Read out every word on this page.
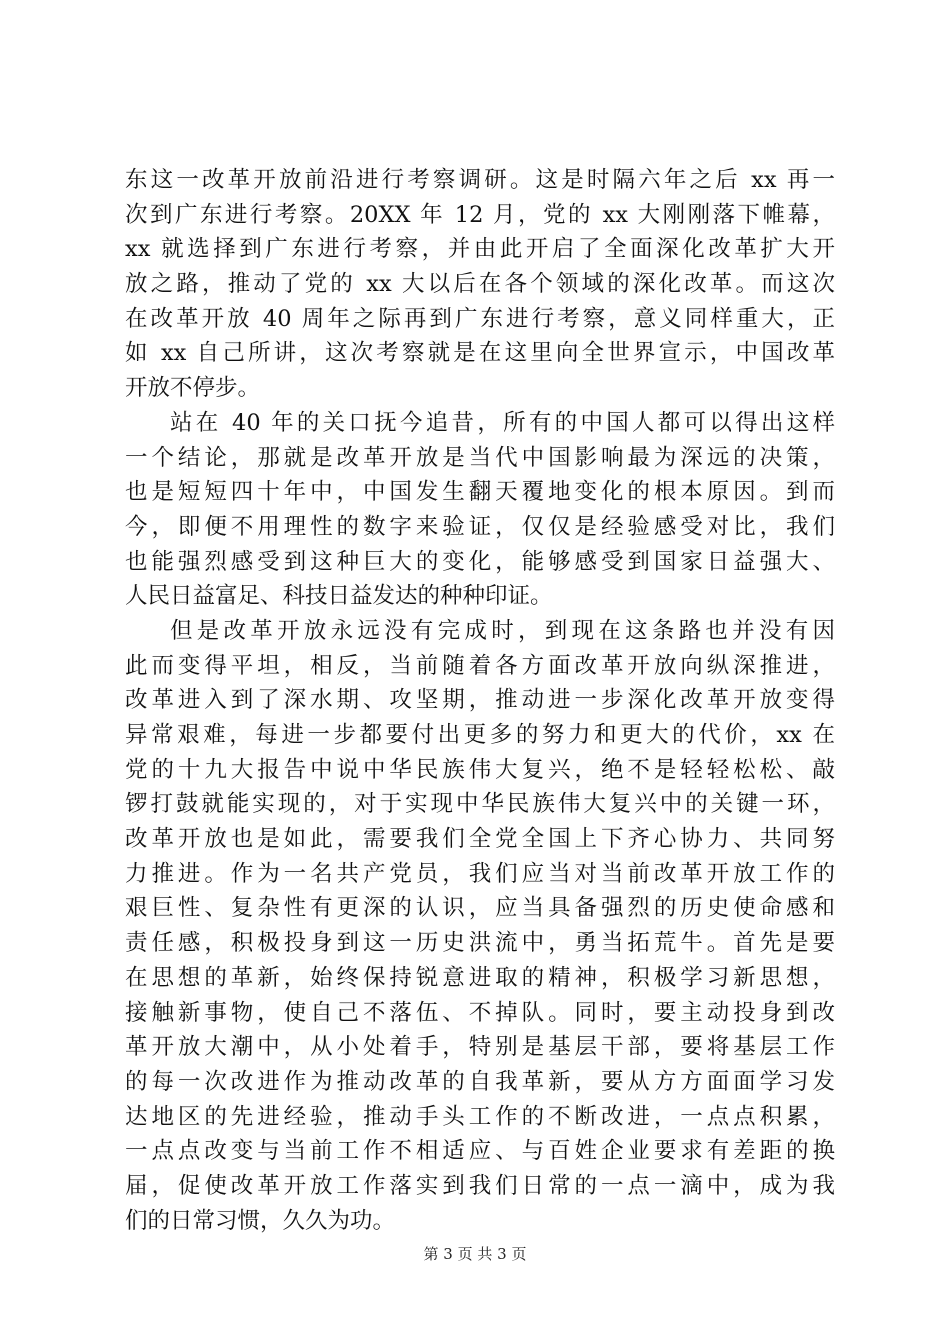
东这一改革开放前沿进行考察调研。这是时隔六年之后 xx 再一
次到广东进行考察。20XX 年 12 月，党的 xx 大刚刚落下帷幕，
xx 就选择到广东进行考察，并由此开启了全面深化改革扩大开
放之路，推动了党的 xx 大以后在各个领域的深化改革。而这次
在改革开放 40 周年之际再到广东进行考察，意义同样重大，正
如 xx 自己所讲，这次考察就是在这里向全世界宣示，中国改革
开放不停步。
站在 40 年的关口抚今追昔，所有的中国人都可以得出这样
一个结论，那就是改革开放是当代中国影响最为深远的决策，
也是短短四十年中，中国发生翻天覆地变化的根本原因。到而
今，即便不用理性的数字来验证，仅仅是经验感受对比，我们
也能强烈感受到这种巨大的变化，能够感受到国家日益强大、
人民日益富足、科技日益发达的种种印证。
但是改革开放永远没有完成时，到现在这条路也并没有因
此而变得平坦，相反，当前随着各方面改革开放向纵深推进，
改革进入到了深水期、攻坚期，推动进一步深化改革开放变得
异常艰难，每进一步都要付出更多的努力和更大的代价，xx 在
党的十九大报告中说中华民族伟大复兴，绝不是轻轻松松、敲
锣打鼓就能实现的，对于实现中华民族伟大复兴中的关键一环，
改革开放也是如此，需要我们全党全国上下齐心协力、共同努
力推进。作为一名共产党员，我们应当对当前改革开放工作的
艰巨性、复杂性有更深的认识，应当具备强烈的历史使命感和
责任感，积极投身到这一历史洪流中，勇当拓荒牛。首先是要
在思想的革新，始终保持锐意进取的精神，积极学习新思想，
接触新事物，使自己不落伍、不掉队。同时，要主动投身到改
革开放大潮中，从小处着手，特别是基层干部，要将基层工作
的每一次改进作为推动改革的自我革新，要从方方面面学习发
达地区的先进经验，推动手头工作的不断改进，一点点积累，
一点点改变与当前工作不相适应、与百姓企业要求有差距的换
届，促使改革开放工作落实到我们日常的一点一滴中，成为我
们的日常习惯，久久为功。
第 3 页 共 3 页
